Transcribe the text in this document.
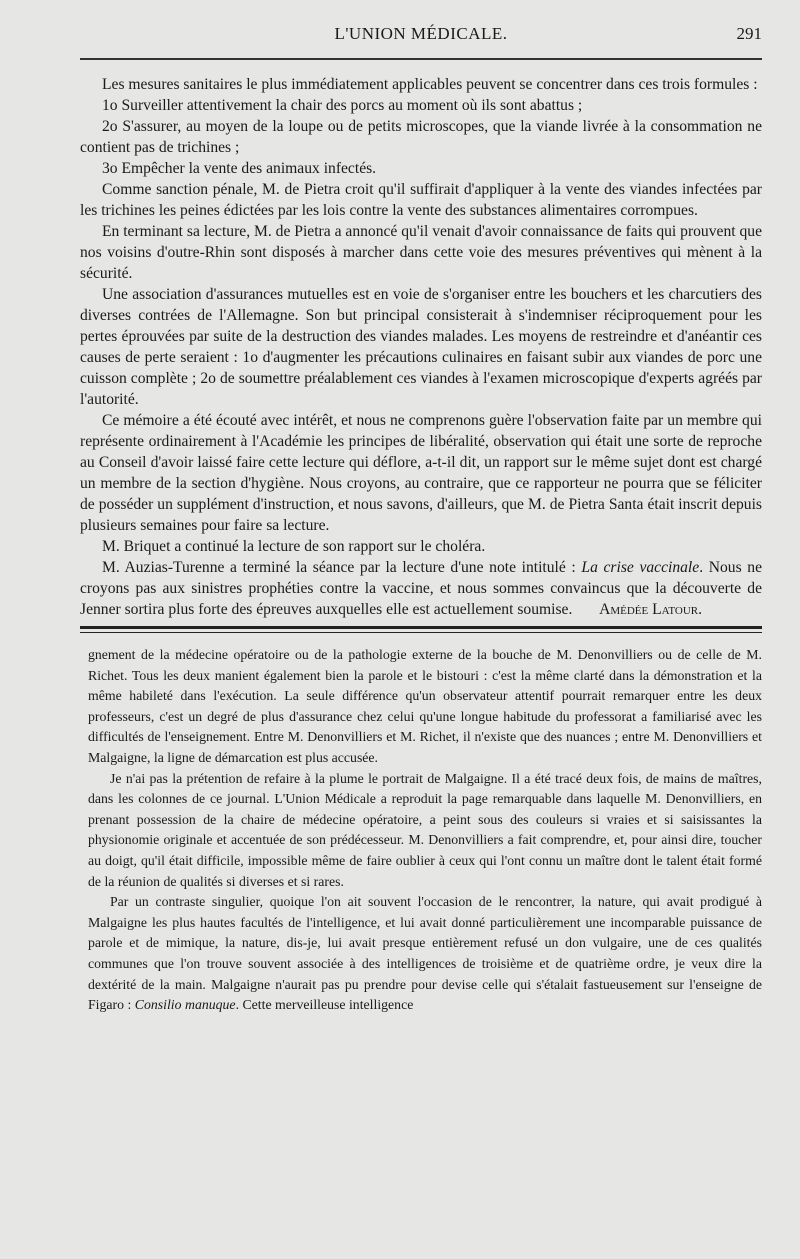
L'UNION MÉDICALE.	291

Les mesures sanitaires le plus immédiatement applicables peuvent se concentrer dans ces trois formules :

1o Surveiller attentivement la chair des porcs au moment où ils sont abattus ;

2o S'assurer, au moyen de la loupe ou de petits microscopes, que la viande livrée à la consommation ne contient pas de trichines ;

3o Empêcher la vente des animaux infectés.

Comme sanction pénale, M. de Pietra croit qu'il suffirait d'appliquer à la vente des viandes infectées par les trichines les peines édictées par les lois contre la vente des substances alimentaires corrompues.

En terminant sa lecture, M. de Pietra a annoncé qu'il venait d'avoir connaissance de faits qui prouvent que nos voisins d'outre-Rhin sont disposés à marcher dans cette voie des mesures préventives qui mènent à la sécurité.

Une association d'assurances mutuelles est en voie de s'organiser entre les bouchers et les charcutiers des diverses contrées de l'Allemagne. Son but principal consisterait à s'indemniser réciproquement pour les pertes éprouvées par suite de la destruction des viandes malades. Les moyens de restreindre et d'anéantir ces causes de perte seraient : 1o d'augmenter les précautions culinaires en faisant subir aux viandes de porc une cuisson complète ; 2o de soumettre préalablement ces viandes à l'examen microscopique d'experts agréés par l'autorité.

Ce mémoire a été écouté avec intérêt, et nous ne comprenons guère l'observation faite par un membre qui représente ordinairement à l'Académie les principes de libéralité, observation qui était une sorte de reproche au Conseil d'avoir laissé faire cette lecture qui déflore, a-t-il dit, un rapport sur le même sujet dont est chargé un membre de la section d'hygiène. Nous croyons, au contraire, que ce rapporteur ne pourra que se féliciter de posséder un supplément d'instruction, et nous savons, d'ailleurs, que M. de Pietra Santa était inscrit depuis plusieurs semaines pour faire sa lecture.

M. Briquet a continué la lecture de son rapport sur le choléra.

M. Auzias-Turenne a terminé la séance par la lecture d'une note intitulé : La crise vaccinale. Nous ne croyons pas aux sinistres prophéties contre la vaccine, et nous sommes convaincus que la découverte de Jenner sortira plus forte des épreuves auxquelles elle est actuellement soumise.	Amédée Latour.

gnement de la médecine opératoire ou de la pathologie externe de la bouche de M. Denonvilliers ou de celle de M. Richet. Tous les deux manient également bien la parole et le bistouri : c'est la même clarté dans la démonstration et la même habileté dans l'exécution. La seule différence qu'un observateur attentif pourrait remarquer entre les deux professeurs, c'est un degré de plus d'assurance chez celui qu'une longue habitude du professorat a familiarisé avec les difficultés de l'enseignement. Entre M. Denonvilliers et M. Richet, il n'existe que des nuances ; entre M. Denonvilliers et Malgaigne, la ligne de démarcation est plus accusée.

Je n'ai pas la prétention de refaire à la plume le portrait de Malgaigne. Il a été tracé deux fois, de mains de maîtres, dans les colonnes de ce journal. L'Union Médicale a reproduit la page remarquable dans laquelle M. Denonvilliers, en prenant possession de la chaire de médecine opératoire, a peint sous des couleurs si vraies et si saisissantes la physionomie originale et accentuée de son prédécesseur. M. Denonvilliers a fait comprendre, et, pour ainsi dire, toucher au doigt, qu'il était difficile, impossible même de faire oublier à ceux qui l'ont connu un maître dont le talent était formé de la réunion de qualités si diverses et si rares.

Par un contraste singulier, quoique l'on ait souvent l'occasion de le rencontrer, la nature, qui avait prodigué à Malgaigne les plus hautes facultés de l'intelligence, et lui avait donné particulièrement une incomparable puissance de parole et de mimique, la nature, dis-je, lui avait presque entièrement refusé un don vulgaire, une de ces qualités communes que l'on trouve souvent associée à des intelligences de troisième et de quatrième ordre, je veux dire la dextérité de la main. Malgaigne n'aurait pas pu prendre pour devise celle qui s'étalait fastueusement sur l'enseigne de Figaro : Consilio manuque. Cette merveilleuse intelligence
